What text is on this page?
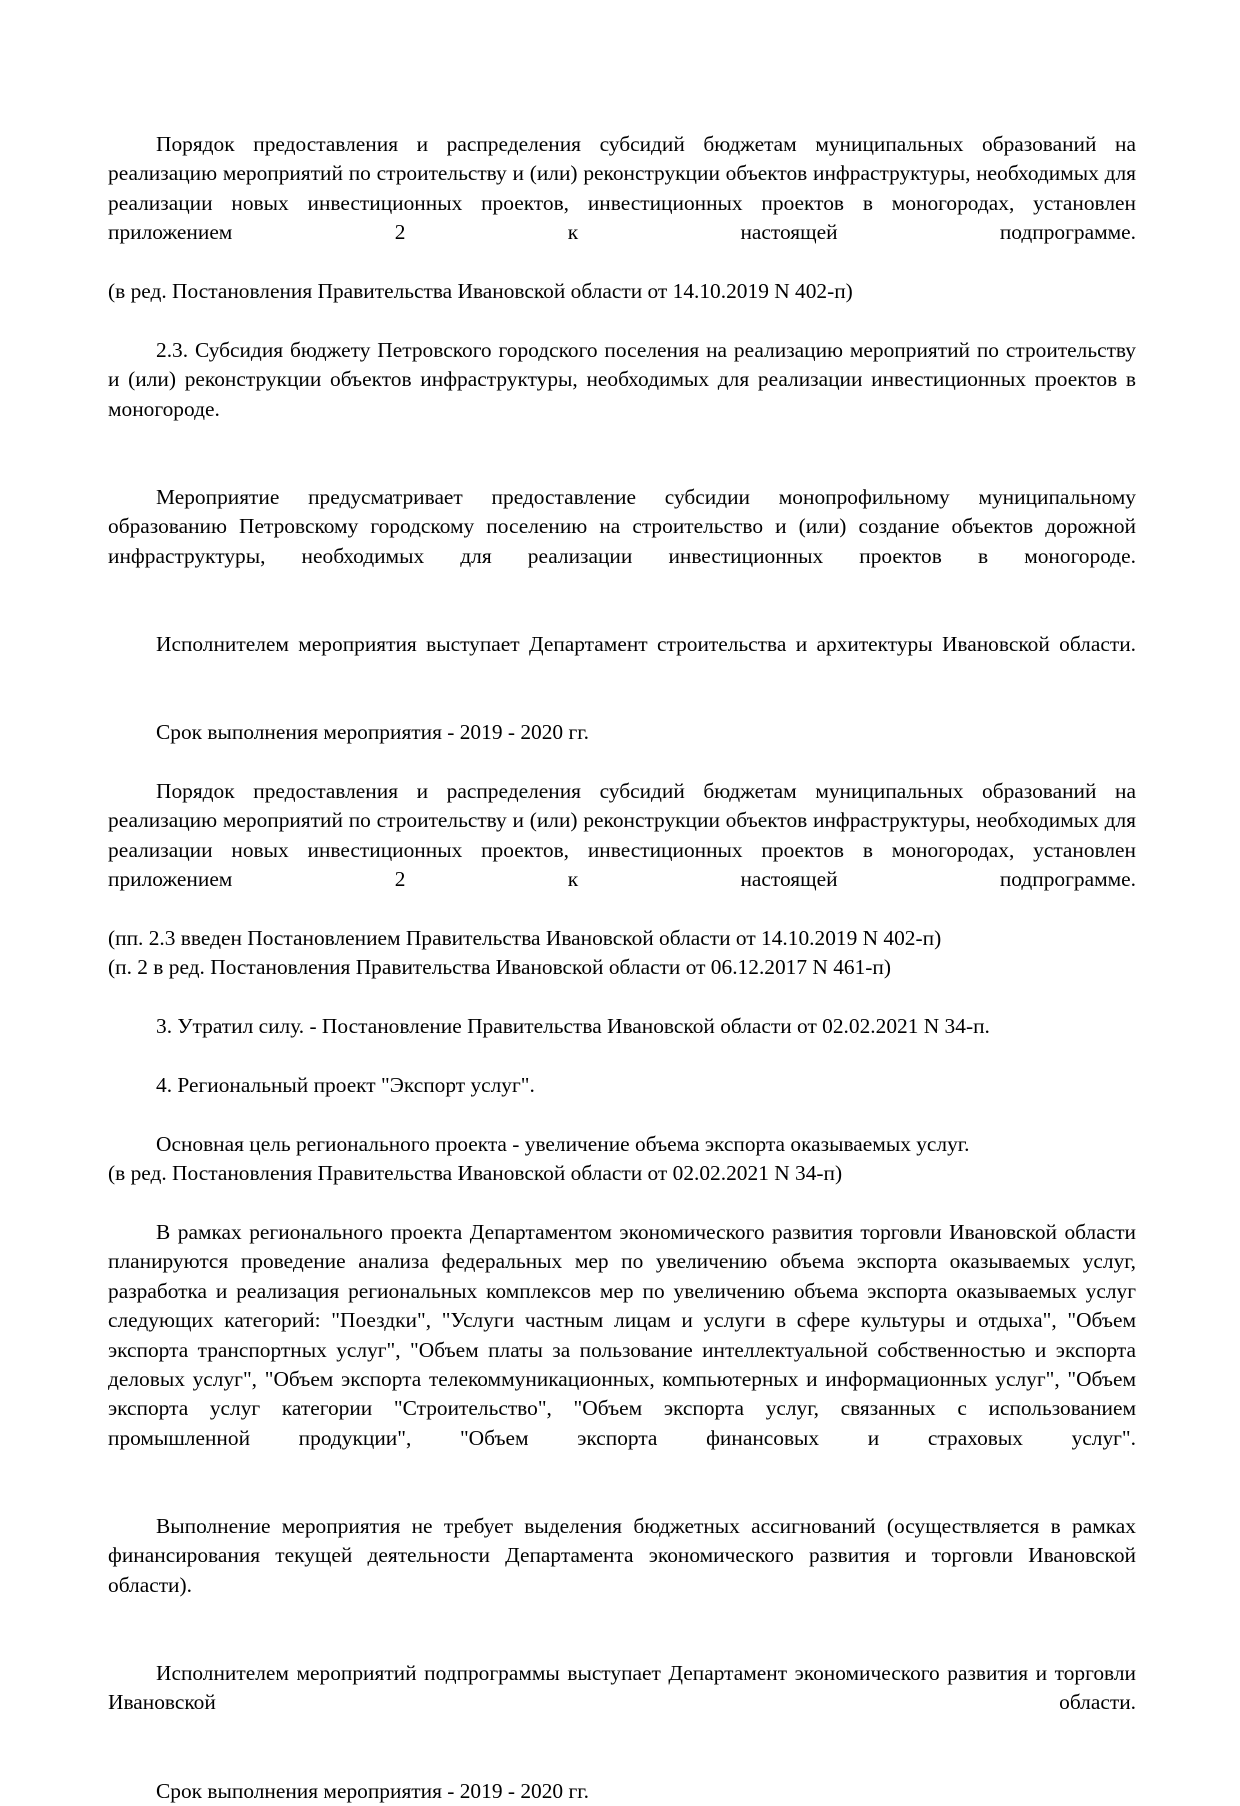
Порядок предоставления и распределения субсидий бюджетам муниципальных образований на реализацию мероприятий по строительству и (или) реконструкции объектов инфраструктуры, необходимых для реализации новых инвестиционных проектов, инвестиционных проектов в моногородах, установлен приложением 2 к настоящей подпрограмме.

(в ред. Постановления Правительства Ивановской области от 14.10.2019 N 402-п)

2.3. Субсидия бюджету Петровского городского поселения на реализацию мероприятий по строительству и (или) реконструкции объектов инфраструктуры, необходимых для реализации инвестиционных проектов в моногороде.

Мероприятие предусматривает предоставление субсидии монопрофильному муниципальному образованию Петровскому городскому поселению на строительство и (или) создание объектов дорожной инфраструктуры, необходимых для реализации инвестиционных проектов в моногороде.

Исполнителем мероприятия выступает Департамент строительства и архитектуры Ивановской области.

Срок выполнения мероприятия - 2019 - 2020 гг.

Порядок предоставления и распределения субсидий бюджетам муниципальных образований на реализацию мероприятий по строительству и (или) реконструкции объектов инфраструктуры, необходимых для реализации новых инвестиционных проектов, инвестиционных проектов в моногородах, установлен приложением 2 к настоящей подпрограмме.

(пп. 2.3 введен Постановлением Правительства Ивановской области от 14.10.2019 N 402-п)

(п. 2 в ред. Постановления Правительства Ивановской области от 06.12.2017 N 461-п)

3. Утратил силу. - Постановление Правительства Ивановской области от 02.02.2021 N 34-п.

4. Региональный проект "Экспорт услуг".

Основная цель регионального проекта - увеличение объема экспорта оказываемых услуг.

(в ред. Постановления Правительства Ивановской области от 02.02.2021 N 34-п)

В рамках регионального проекта Департаментом экономического развития торговли Ивановской области планируются проведение анализа федеральных мер по увеличению объема экспорта оказываемых услуг, разработка и реализация региональных комплексов мер по увеличению объема экспорта оказываемых услуг следующих категорий: "Поездки", "Услуги частным лицам и услуги в сфере культуры и отдыха", "Объем экспорта транспортных услуг", "Объем платы за пользование интеллектуальной собственностью и экспорта деловых услуг", "Объем экспорта телекоммуникационных, компьютерных и информационных услуг", "Объем экспорта услуг категории "Строительство", "Объем экспорта услуг, связанных с использованием промышленной продукции", "Объем экспорта финансовых и страховых услуг".

Выполнение мероприятия не требует выделения бюджетных ассигнований (осуществляется в рамках финансирования текущей деятельности Департамента экономического развития и торговли Ивановской области).

Исполнителем мероприятий подпрограммы выступает Департамент экономического развития и торговли Ивановской области.

Срок выполнения мероприятия - 2019 - 2020 гг.
